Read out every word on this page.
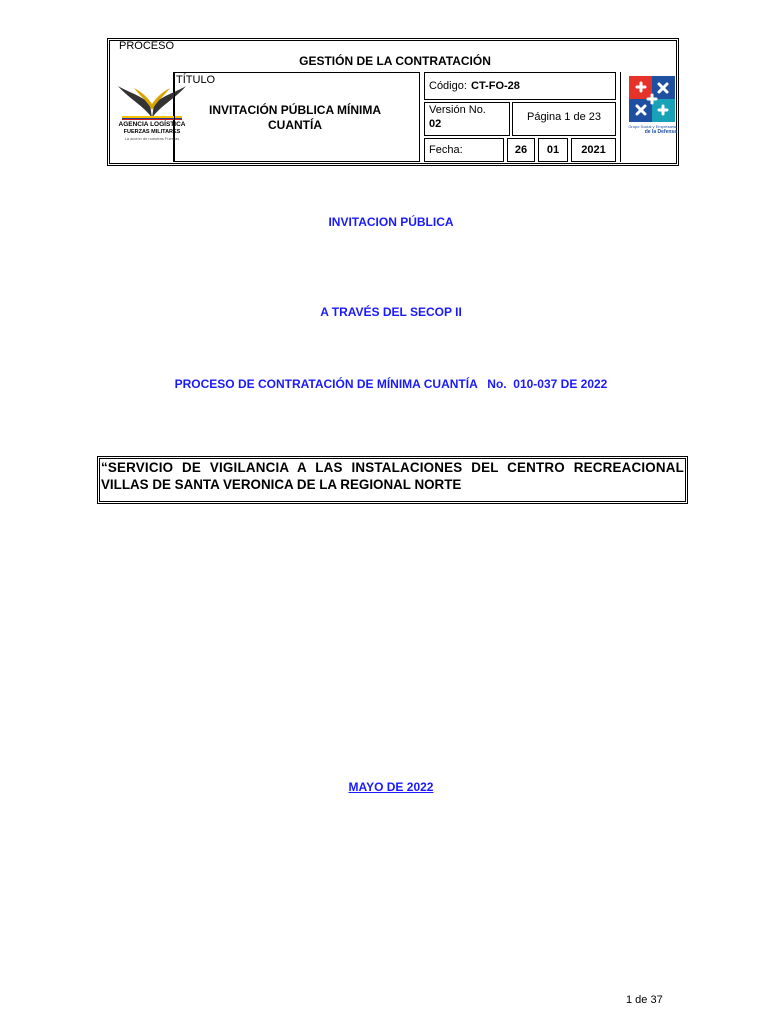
PROCESO
GESTIÓN DE LA CONTRATACIÓN
AGENCIA LOGÍSTICA
FUERZAS MILITARES
La acción de nuestras Fuerzas
TÍTULO
INVITACIÓN PÚBLICA MÍNIMA
CUANTÍA
Código: CT-FO-28
Versión No.
02
Página 1 de 23
Fecha:	26	01	2021
Grupo Social y Empresarial
de la Defensa
INVITACION PÚBLICA
A TRAVÉS DEL SECOP II
PROCESO DE CONTRATACIÓN DE MÍNIMA CUANTÍA   No.  010-037 DE 2022
“SERVICIO DE VIGILANCIA A LAS INSTALACIONES DEL CENTRO RECREACIONAL
VILLAS DE SANTA VERONICA DE LA REGIONAL NORTE
MAYO DE 2022
1 de 37
